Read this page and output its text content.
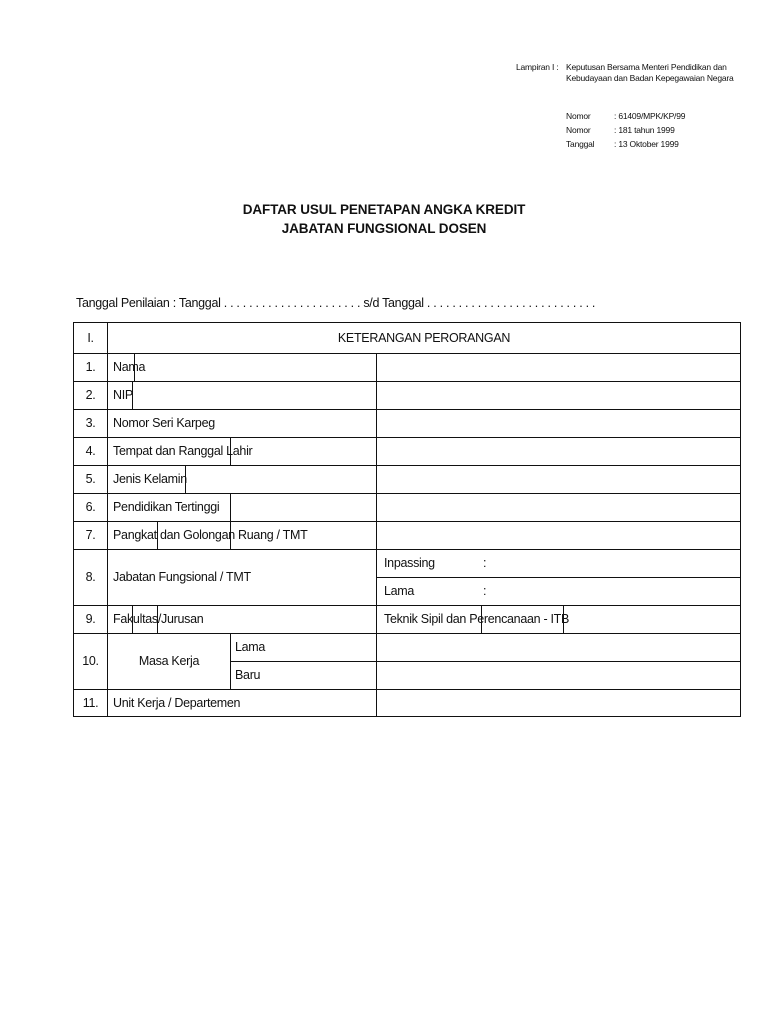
Lampiran I : Keputusan Bersama Menteri Pendidikan dan Kebudayaan dan Badan Kepegawaian Negara
Nomor	: 61409/MPK/KP/99
Nomor	: 181 tahun 1999
Tanggal : 13 Oktober 1999
DAFTAR USUL PENETAPAN ANGKA KREDIT
JABATAN FUNGSIONAL DOSEN
Tanggal Penilaian : Tanggal . . . . . . . . . . . . . . . . . . . . . . s/d Tanggal . . . . . . . . . . . . . . . . . . . . . . . . . . .
I.	KETERANGAN PERORANGAN
1.	Nama
2.	NIP
3.	Nomor Seri Karpeg
4.	Tempat dan Ranggal Lahir
5.	Jenis Kelamin
6.	Pendidikan Tertinggi
7.	Pangkat dan Golongan Ruang / TMT
8.	Jabatan Fungsional / TMT
Inpassing	:
Lama	:
9.	Fakultas/Jurusan	Teknik Sipil dan Perencanaan - ITB
10.	Masa Kerja
Lama
Baru
11.	Unit Kerja / Departemen
